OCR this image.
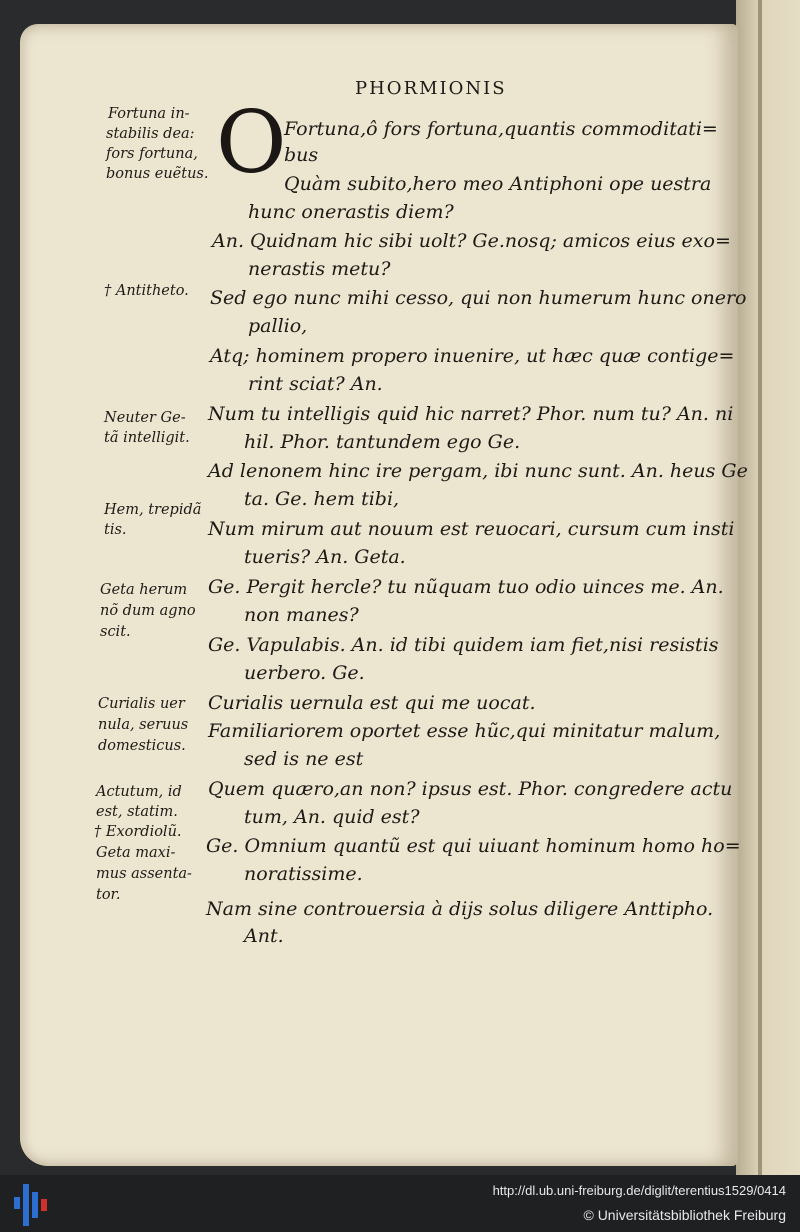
PHORMIONIS
O
Fortuna,ô fors fortuna,quantis commoditati=
bus
Quàm subito,hero meo Antiphoni ope uestra
hunc onerastis diem?
An. Quidnam hic sibi uolt? Ge.nosq; amicos eius exo=
nerastis metu?
Sed ego nunc mihi cesso, qui non humerum hunc onero
pallio,
Atq; hominem propero inuenire, ut hæc quæ contige=
rint sciat? An.
Num tu intelligis quid hic narret? Phor. num tu? An. ni
hil. Phor. tantundem ego Ge.
Ad lenonem hinc ire pergam, ibi nunc sunt. An. heus Ge
ta. Ge. hem tibi,
Num mirum aut nouum est reuocari, cursum cum insti
tueris? An. Geta.
Ge. Pergit hercle? tu nũquam tuo odio uinces me. An.
non manes?
Ge. Vapulabis. An. id tibi quidem iam fiet,nisi resistis
uerbero. Ge.
Curialis uernula est qui me uocat.
Familiariorem oportet esse hũc,qui minitatur malum,
sed is ne est
Quem quæro,an non? ipsus est. Phor. congredere actu
tum, An. quid est?
Ge. Omnium quantũ est qui uiuant hominum homo ho=
noratissime.
Nam sine controuersia à dijs solus diligere Anttipho.
Ant.
Fortuna in-
stabilis dea:
fors fortuna,
bonus euẽtus.
† Antitheto.
Neuter Ge-
tã intelligit.
Hem, trepidã
tis.
Geta herum
nõ dum agno
scit.
Curialis uer
nula, seruus
domesticus.
Actutum, id
est, statim.
† Exordiolũ.
Geta maxi-
mus assenta-
tor.
http://dl.ub.uni-freiburg.de/diglit/terentius1529/0414
© Universitätsbibliothek Freiburg
